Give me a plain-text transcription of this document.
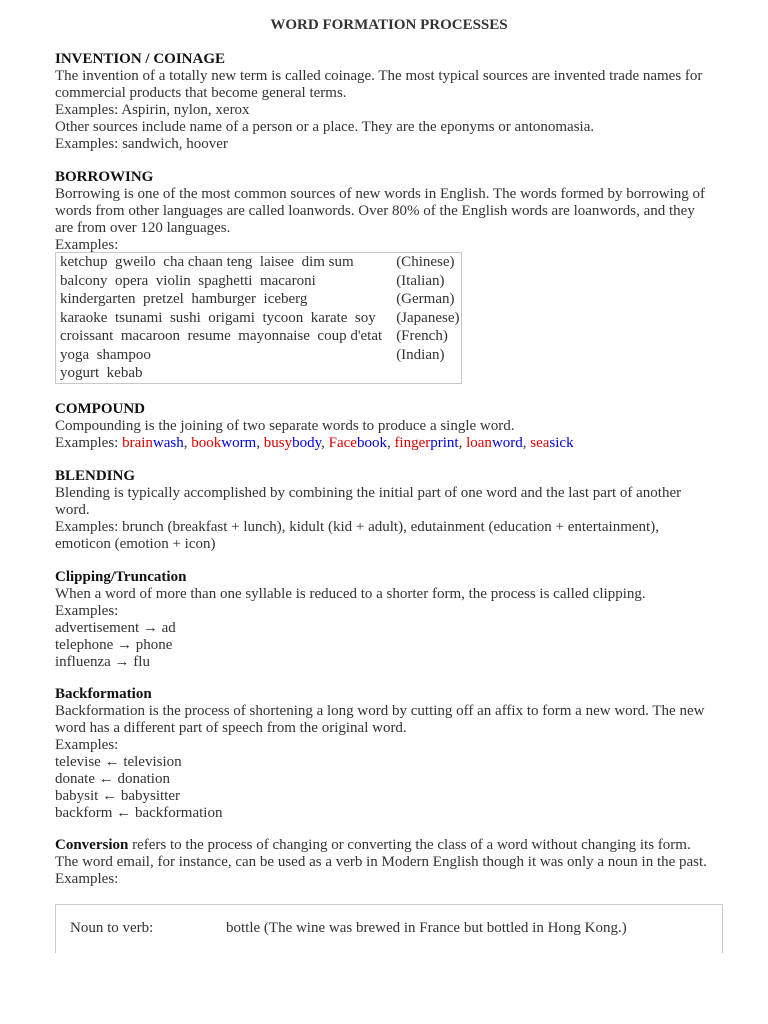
WORD FORMATION PROCESSES
INVENTION / COINAGE
The invention of a totally new term is called coinage. The most typical sources are invented trade names for commercial products that become general terms.
Examples: Aspirin, nylon, xerox
Other sources include name of a person or a place. They are the eponyms or antonomasia.
Examples: sandwich, hoover
BORROWING
Borrowing is one of the most common sources of new words in English. The words formed by borrowing of words from other languages are called loanwords. Over 80% of the English words are loanwords, and they are from over 120 languages.
Examples:
ketchup  gweilo  cha chaan teng  laisee  dim sum	(Chinese)
balcony  opera  violin  spaghetti  macaroni	(Italian)
kindergarten  pretzel  hamburger  iceberg	(German)
karaoke  tsunami  sushi  origami  tycoon  karate  soy	(Japanese)
croissant  macaroon  resume  mayonnaise  coup d'etat	(French)
yoga  shampoo	(Indian)
yogurt  kebab	
COMPOUND
Compounding is the joining of two separate words to produce a single word.
Examples: brainwash, bookworm, busybody, Facebook, fingerprint, loanword, seasick
BLENDING
Blending is typically accomplished by combining the initial part of one word and the last part of another word.
Examples: brunch (breakfast + lunch), kidult (kid + adult), edutainment (education + entertainment), emoticon (emotion + icon)
Clipping/Truncation
When a word of more than one syllable is reduced to a shorter form, the process is called clipping.
Examples:
advertisement → ad
telephone → phone
influenza → flu
Backformation
Backformation is the process of shortening a long word by cutting off an affix to form a new word. The new word has a different part of speech from the original word.
Examples:
televise ← television
donate ← donation
babysit ← babysitter
backform ← backformation
Conversion refers to the process of changing or converting the class of a word without changing its form. The word email, for instance, can be used as a verb in Modern English though it was only a noun in the past.
Examples:
Noun to verb:	bottle (The wine was brewed in France but bottled in Hong Kong.)
